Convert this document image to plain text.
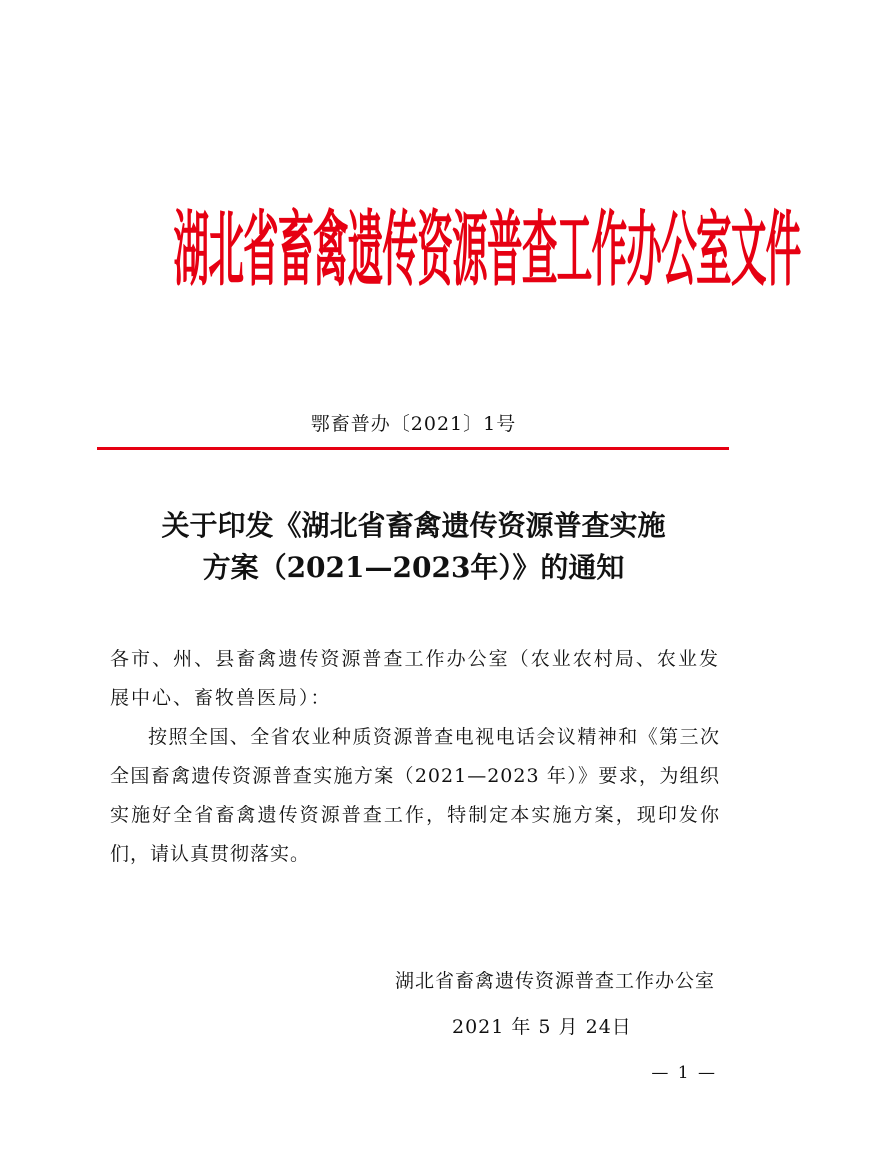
湖北省畜禽遗传资源普查工作办公室文件
鄂畜普办〔2021〕1号
关于印发《湖北省畜禽遗传资源普查实施
方案（2021—2023年）》的通知

各市、州、县畜禽遗传资源普查工作办公室（农业农村局、农业发展中心、畜牧兽医局）：

按照全国、全省农业种质资源普查电视电话会议精神和《第三次全国畜禽遗传资源普查实施方案（2021—2023 年）》要求，为组织实施好全省畜禽遗传资源普查工作，特制定本实施方案，现印发你们，请认真贯彻落实。

湖北省畜禽遗传资源普查工作办公室
2021 年 5 月 24日
— 1 —
